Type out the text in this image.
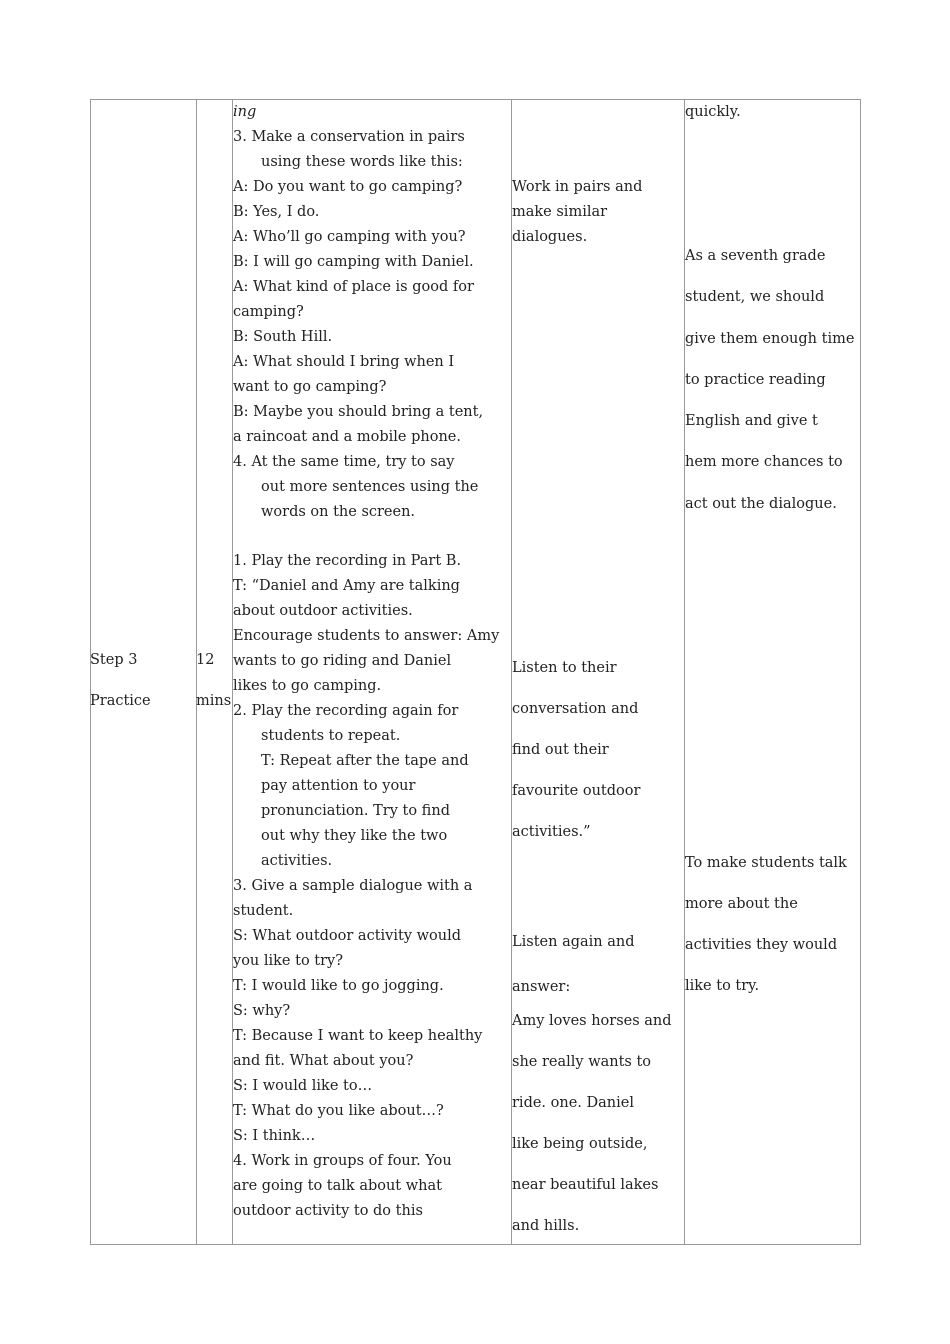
Step 3
Practice
12
mins
ing
3. Make a conservation in pairs
using these words like this:
A: Do you want to go camping?
B: Yes, I do.
A: Who’ll go camping with you?
B: I will go camping with Daniel.
A: What kind of place is good for
camping?
B: South Hill.
A: What should I bring when I
want to go camping?
B: Maybe you should bring a tent,
a raincoat and a mobile phone.
4. At the same time, try to say
out more sentences using the
words on the screen.
1. Play the recording in Part B.
T: “Daniel and Amy are talking
about outdoor activities.
Encourage students to answer: Amy
wants to go riding and Daniel
likes to go camping.
2. Play the recording again for
students to repeat.
T: Repeat after the tape and
pay attention to your
pronunciation. Try to find
out why they like the two
activities.
3. Give a sample dialogue with a
student.
S: What outdoor activity would
you like to try?
T: I would like to go jogging.
S: why?
T: Because I want to keep healthy
and fit. What about you?
S: I would like to…
T: What do you like about…?
S: I think…
4. Work in groups of four. You
are going to talk about what
outdoor activity to do this
Work in pairs and
make similar
dialogues.
Listen to their
conversation and
find out their
favourite outdoor
activities.”
Listen again and
answer:
Amy loves horses and
she really wants to
ride. one. Daniel
like being outside,
near beautiful lakes
and hills.
quickly.
As a seventh grade
student, we should
give them enough time
to practice reading
English and give t
hem more chances to
act out the dialogue.
To make students talk
more about the
activities they would
like to try.
